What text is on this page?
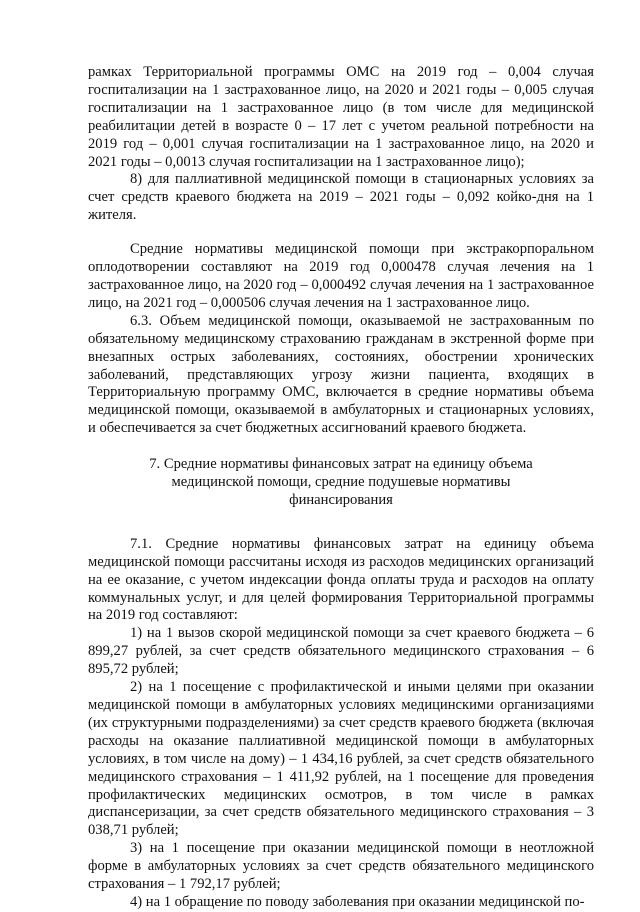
рамках Территориальной программы ОМС на 2019 год – 0,004 случая госпитализации на 1 застрахованное лицо, на 2020 и 2021 годы – 0,005 случая госпитализации на 1 застрахованное лицо (в том числе для медицинской реабилитации детей в возрасте 0 – 17 лет с учетом реальной потребности на 2019 год – 0,001 случая госпитализации на 1 застрахованное лицо, на 2020 и 2021 годы – 0,0013 случая госпитализации на 1 застрахованное лицо);

8) для паллиативной медицинской помощи в стационарных условиях за счет средств краевого бюджета на 2019 – 2021 годы – 0,092 койко-дня на 1 жителя.

Средние нормативы медицинской помощи при экстракорпоральном оплодотворении составляют на 2019 год 0,000478 случая лечения на 1 застрахованное лицо, на 2020 год – 0,000492 случая лечения на 1 застрахованное лицо, на 2021 год – 0,000506 случая лечения на 1 застрахованное лицо.

6.3. Объем медицинской помощи, оказываемой не застрахованным по обязательному медицинскому страхованию гражданам в экстренной форме при внезапных острых заболеваниях, состояниях, обострении хронических заболеваний, представляющих угрозу жизни пациента, входящих в Территориальную программу ОМС, включается в средние нормативы объема медицинской помощи, оказываемой в амбулаторных и стационарных условиях, и обеспечивается за счет бюджетных ассигнований краевого бюджета.

7. Средние нормативы финансовых затрат на единицу объема
медицинской помощи, средние подушевые нормативы
финансирования

7.1. Средние нормативы финансовых затрат на единицу объема медицинской помощи рассчитаны исходя из расходов медицинских организаций на ее оказание, с учетом индексации фонда оплаты труда и расходов на оплату коммунальных услуг, и для целей формирования Территориальной программы на 2019 год составляют:

1) на 1 вызов скорой медицинской помощи за счет краевого бюджета – 6 899,27 рублей, за счет средств обязательного медицинского страхования – 6 895,72 рублей;

2) на 1 посещение с профилактической и иными целями при оказании медицинской помощи в амбулаторных условиях медицинскими организациями (их структурными подразделениями) за счет средств краевого бюджета (включая расходы на оказание паллиативной медицинской помощи в амбулаторных условиях, в том числе на дому) – 1 434,16 рублей, за счет средств обязательного медицинского страхования – 1 411,92 рублей, на 1 посещение для проведения профилактических медицинских осмотров, в том числе в рамках диспансеризации, за счет средств обязательного медицинского страхования – 3 038,71 рублей;

3) на 1 посещение при оказании медицинской помощи в неотложной форме в амбулаторных условиях за счет средств обязательного медицинского страхования – 1 792,17 рублей;

4) на 1 обращение по поводу заболевания при оказании медицинской по-
